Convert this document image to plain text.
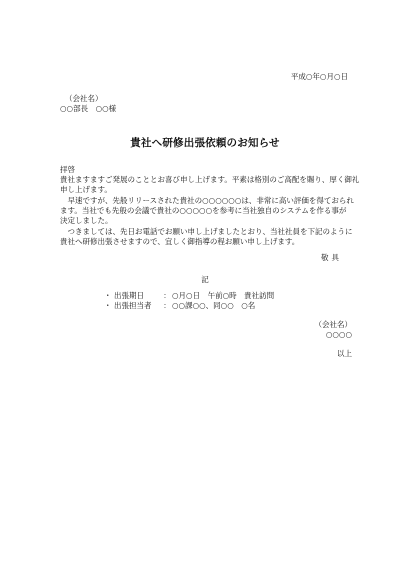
平成○年○月○日
（会社名）
○○部長　○○様
貴社へ研修出張依頼のお知らせ
拝啓
貴社ますますご発展のこととお喜び申し上げます。平素は格別のご高配を賜り、厚く御礼
申し上げます。
　早速ですが、先般リリースされた貴社の○○○○○○は、非常に高い評価を得ておられ
ます。当社でも先般の会議で貴社の○○○○○を参考に当社独自のシステムを作る事が
決定しました。
　つきましては、先日お電話でお願い申し上げましたとおり、当社社員を下記のように
貴社へ研修出張させますので、宜しく御指導の程お願い申し上げます。
敬具
記
・ 出張期日	： ○月○日　午前○時　貴社訪問
・ 出張担当者	： ○○課○○、同○○　○名
（会社名）
○○○○
以上
